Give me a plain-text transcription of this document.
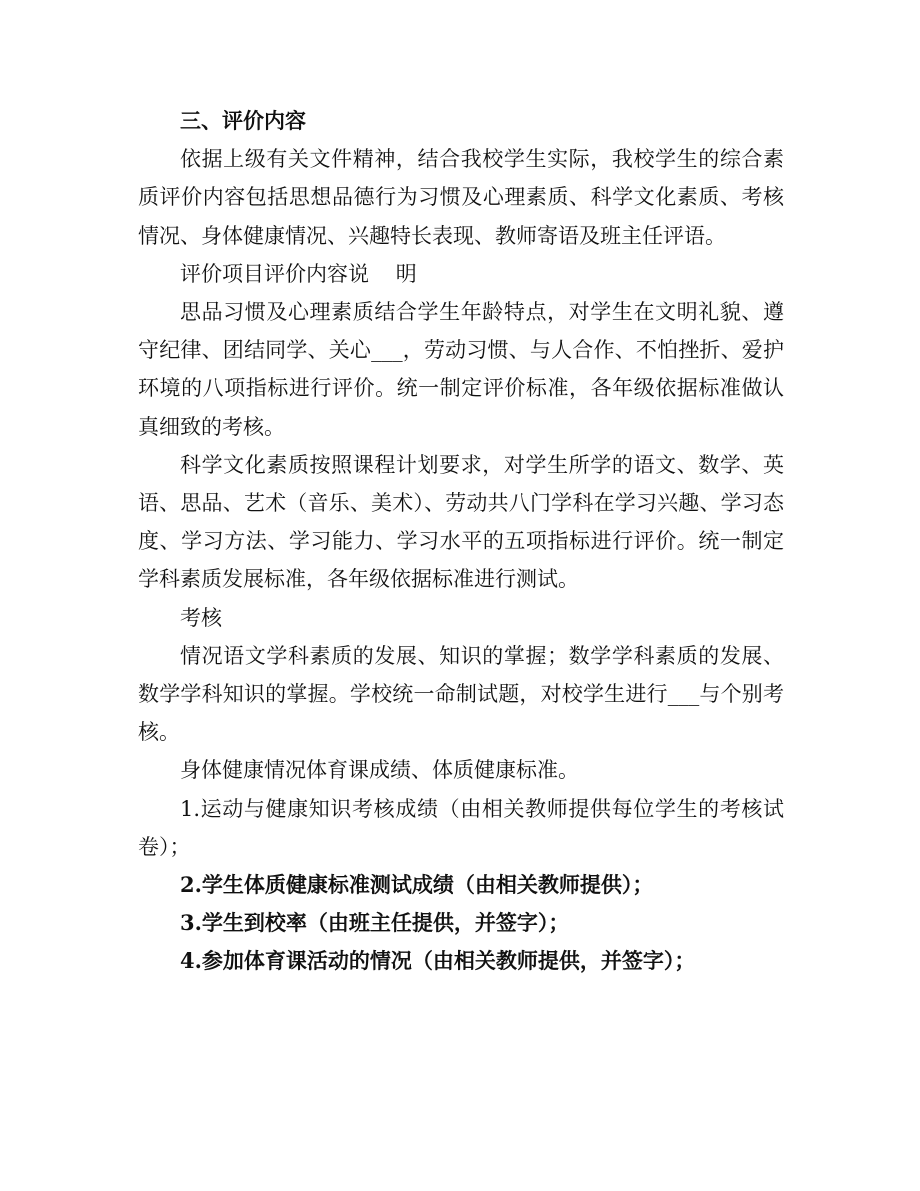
三、评价内容

依据上级有关文件精神，结合我校学生实际，我校学生的综合素质评价内容包括思想品德行为习惯及心理素质、科学文化素质、考核情况、身体健康情况、兴趣特长表现、教师寄语及班主任评语。

评价项目评价内容说    明

思品习惯及心理素质结合学生年龄特点，对学生在文明礼貌、遵守纪律、团结同学、关心___，劳动习惯、与人合作、不怕挫折、爱护环境的八项指标进行评价。统一制定评价标准，各年级依据标准做认真细致的考核。

科学文化素质按照课程计划要求，对学生所学的语文、数学、英语、思品、艺术（音乐、美术）、劳动共八门学科在学习兴趣、学习态度、学习方法、学习能力、学习水平的五项指标进行评价。统一制定学科素质发展标准，各年级依据标准进行测试。

考核

情况语文学科素质的发展、知识的掌握；数学学科素质的发展、数学学科知识的掌握。学校统一命制试题，对校学生进行___与个别考核。

身体健康情况体育课成绩、体质健康标准。

1.运动与健康知识考核成绩（由相关教师提供每位学生的考核试卷）；

2.学生体质健康标准测试成绩（由相关教师提供）；

3.学生到校率（由班主任提供，并签字）；

4.参加体育课活动的情况（由相关教师提供，并签字）；
